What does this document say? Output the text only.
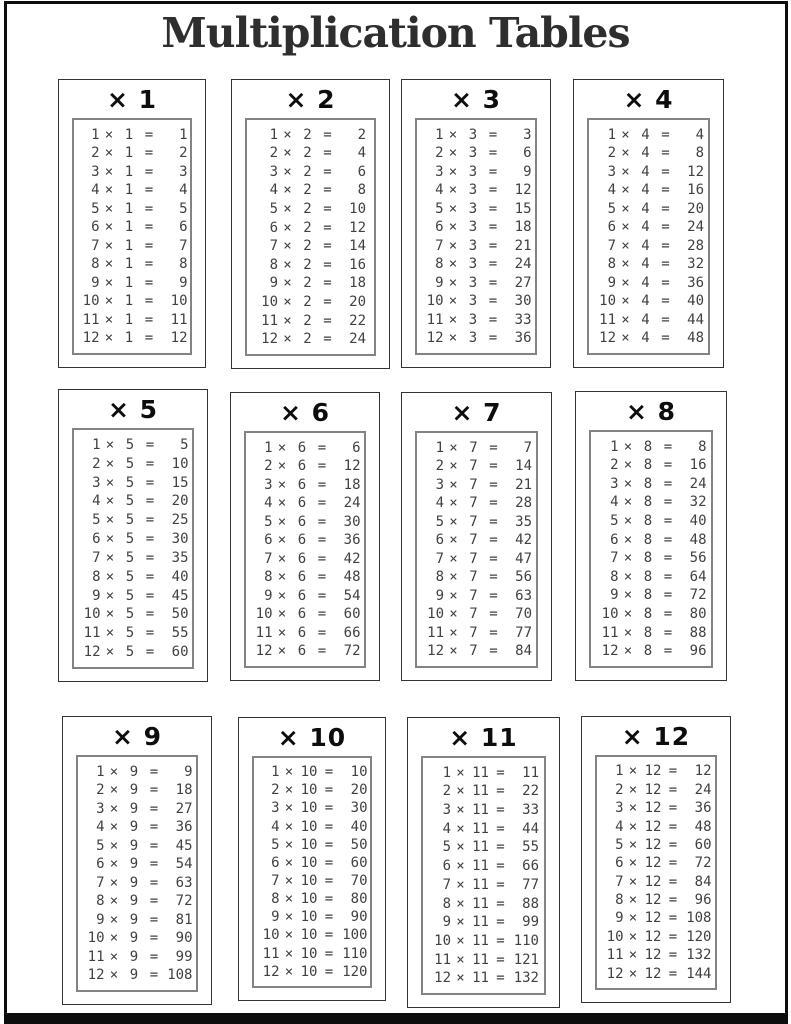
Multiplication Tables
× 1
1 × 1 =	1
2 × 1 =	2
3 × 1 =	3
4 × 1 =	4
5 × 1 =	5
6 × 1 =	6
7 × 1 =	7
8 × 1 =	8
9 × 1 =	9
10 × 1 =	10
11 × 1 =	11
12 × 1 =	12
× 2
1 × 2 =	2
2 × 2 =	4
3 × 2 =	6
4 × 2 =	8
5 × 2 =	10
6 × 2 =	12
7 × 2 =	14
8 × 2 =	16
9 × 2 =	18
10 × 2 =	20
11 × 2 =	22
12 × 2 =	24
× 3
1 × 3 =	3
2 × 3 =	6
3 × 3 =	9
4 × 3 =	12
5 × 3 =	15
6 × 3 =	18
7 × 3 =	21
8 × 3 =	24
9 × 3 =	27
10 × 3 =	30
11 × 3 =	33
12 × 3 =	36
× 4
1 × 4 =	4
2 × 4 =	8
3 × 4 =	12
4 × 4 =	16
5 × 4 =	20
6 × 4 =	24
7 × 4 =	28
8 × 4 =	32
9 × 4 =	36
10 × 4 =	40
11 × 4 =	44
12 × 4 =	48
× 5
1 × 5 =	5
2 × 5 =	10
3 × 5 =	15
4 × 5 =	20
5 × 5 =	25
6 × 5 =	30
7 × 5 =	35
8 × 5 =	40
9 × 5 =	45
10 × 5 =	50
11 × 5 =	55
12 × 5 =	60
× 6
1 × 6 =	6
2 × 6 =	12
3 × 6 =	18
4 × 6 =	24
5 × 6 =	30
6 × 6 =	36
7 × 6 =	42
8 × 6 =	48
9 × 6 =	54
10 × 6 =	60
11 × 6 =	66
12 × 6 =	72
× 7
1 × 7 =	7
2 × 7 =	14
3 × 7 =	21
4 × 7 =	28
5 × 7 =	35
6 × 7 =	42
7 × 7 =	47
8 × 7 =	56
9 × 7 =	63
10 × 7 =	70
11 × 7 =	77
12 × 7 =	84
× 8
1 × 8 =	8
2 × 8 =	16
3 × 8 =	24
4 × 8 =	32
5 × 8 =	40
6 × 8 =	48
7 × 8 =	56
8 × 8 =	64
9 × 8 =	72
10 × 8 =	80
11 × 8 =	88
12 × 8 =	96
× 9
1 × 9 =	9
2 × 9 =	18
3 × 9 =	27
4 × 9 =	36
5 × 9 =	45
6 × 9 =	54
7 × 9 =	63
8 × 9 =	72
9 × 9 =	81
10 × 9 =	90
11 × 9 =	99
12 × 9 = 108
× 10
1 × 10 =	10
2 × 10 =	20
3 × 10 =	30
4 × 10 =	40
5 × 10 =	50
6 × 10 =	60
7 × 10 =	70
8 × 10 =	80
9 × 10 =	90
10 × 10 = 100
11 × 10 = 110
12 × 10 = 120
× 11
1 × 11 =	11
2 × 11 =	22
3 × 11 =	33
4 × 11 =	44
5 × 11 =	55
6 × 11 =	66
7 × 11 =	77
8 × 11 =	88
9 × 11 =	99
10 × 11 = 110
11 × 11 = 121
12 × 11 = 132
× 12
1 × 12 =	12
2 × 12 =	24
3 × 12 =	36
4 × 12 =	48
5 × 12 =	60
6 × 12 =	72
7 × 12 =	84
8 × 12 =	96
9 × 12 = 108
10 × 12 = 120
11 × 12 = 132
12 × 12 = 144
